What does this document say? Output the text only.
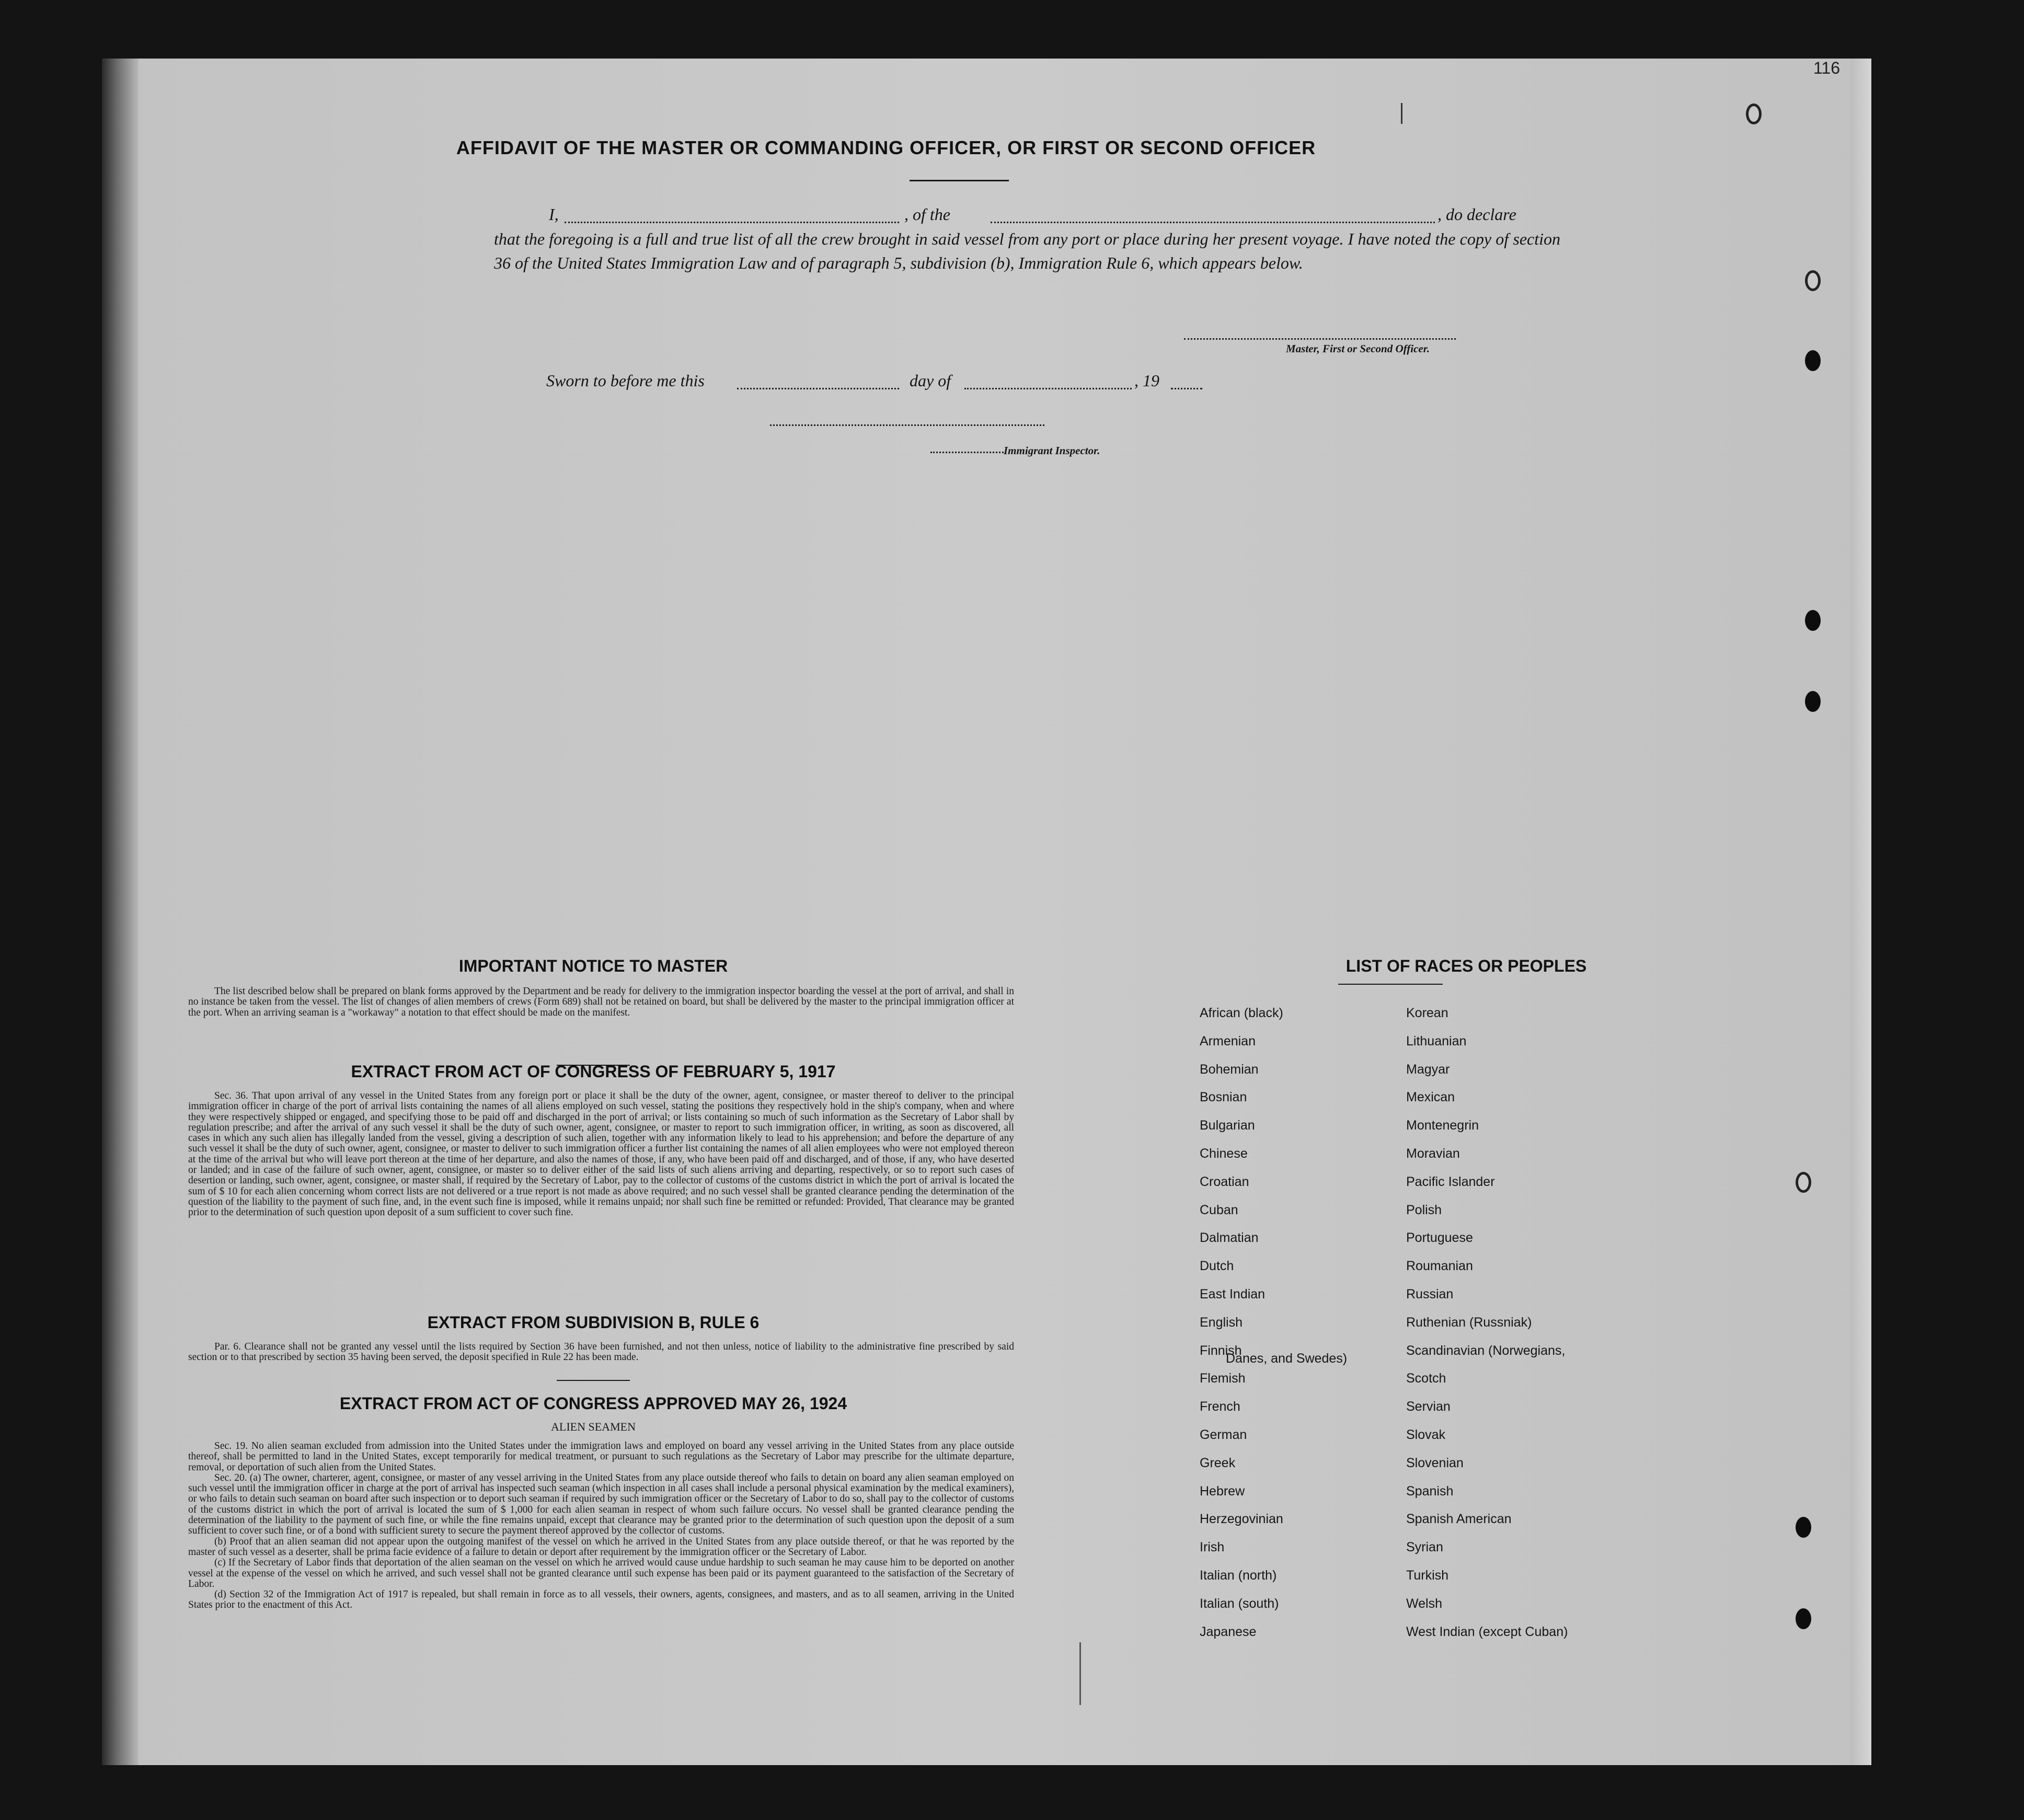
116
AFFIDAVIT OF THE MASTER OR COMMANDING OFFICER, OR FIRST OR SECOND OFFICER
I,	, of the	, do declare
that the foregoing is a full and true list of all the crew brought in said vessel from any port or place during her present voyage. I have noted the copy of section 36 of the United States Immigration Law and of paragraph 5, subdivision (b), Immigration Rule 6, which appears below.
Master, First or Second Officer.
Sworn to before me this	day of	, 19
Immigrant Inspector.
IMPORTANT NOTICE TO MASTER

The list described below shall be prepared on blank forms approved by the Department and be ready for delivery to the immigration inspector boarding the vessel at the port of arrival, and shall in no instance be taken from the vessel. The list of changes of alien members of crews (Form 689) shall not be retained on board, but shall be delivered by the master to the principal immigration officer at the port. When an arriving seaman is a "workaway" a notation to that effect should be made on the manifest.

EXTRACT FROM ACT OF CONGRESS OF FEBRUARY 5, 1917

Sec. 36. That upon arrival of any vessel in the United States from any foreign port or place it shall be the duty of the owner, agent, consignee, or master thereof to deliver to the principal immigration officer in charge of the port of arrival lists containing the names of all aliens employed on such vessel, stating the positions they respectively hold in the ship's company, when and where they were respectively shipped or engaged, and specifying those to be paid off and discharged in the port of arrival; or lists containing so much of such information as the Secretary of Labor shall by regulation prescribe; and after the arrival of any such vessel it shall be the duty of such owner, agent, consignee, or master to report to such immigration officer, in writing, as soon as discovered, all cases in which any such alien has illegally landed from the vessel, giving a description of such alien, together with any information likely to lead to his apprehension; and before the departure of any such vessel it shall be the duty of such owner, agent, consignee, or master to deliver to such immigration officer a further list containing the names of all alien employees who were not employed thereon at the time of the arrival but who will leave port thereon at the time of her departure, and also the names of those, if any, who have been paid off and discharged, and of those, if any, who have deserted or landed; and in case of the failure of such owner, agent, consignee, or master so to deliver either of the said lists of such aliens arriving and departing, respectively, or so to report such cases of desertion or landing, such owner, agent, consignee, or master shall, if required by the Secretary of Labor, pay to the collector of customs of the customs district in which the port of arrival is located the sum of $ 10 for each alien concerning whom correct lists are not delivered or a true report is not made as above required; and no such vessel shall be granted clearance pending the determination of the question of the liability to the payment of such fine, and, in the event such fine is imposed, while it remains unpaid; nor shall such fine be remitted or refunded: Provided, That clearance may be granted prior to the determination of such question upon deposit of a sum sufficient to cover such fine.

EXTRACT FROM SUBDIVISION B, RULE 6

Par. 6. Clearance shall not be granted any vessel until the lists required by Section 36 have been furnished, and not then unless, notice of liability to the administrative fine prescribed by said section or to that prescribed by section 35 having been served, the deposit specified in Rule 22 has been made.

EXTRACT FROM ACT OF CONGRESS APPROVED MAY 26, 1924
ALIEN SEAMEN

Sec. 19. No alien seaman excluded from admission into the United States under the immigration laws and employed on board any vessel arriving in the United States from any place outside thereof, shall be permitted to land in the United States, except temporarily for medical treatment, or pursuant to such regulations as the Secretary of Labor may prescribe for the ultimate departure, removal, or deportation of such alien from the United States.

Sec. 20. (a) The owner, charterer, agent, consignee, or master of any vessel arriving in the United States from any place outside thereof who fails to detain on board any alien seaman employed on such vessel until the immigration officer in charge at the port of arrival has inspected such seaman (which inspection in all cases shall include a personal physical examination by the medical examiners), or who fails to detain such seaman on board after such inspection or to deport such seaman if required by such immigration officer or the Secretary of Labor to do so, shall pay to the collector of customs of the customs district in which the port of arrival is located the sum of $ 1,000 for each alien seaman in respect of whom such failure occurs. No vessel shall be granted clearance pending the determination of the liability to the payment of such fine, or while the fine remains unpaid, except that clearance may be granted prior to the determination of such question upon the deposit of a sum sufficient to cover such fine, or of a bond with sufficient surety to secure the payment thereof approved by the collector of customs.

(b) Proof that an alien seaman did not appear upon the outgoing manifest of the vessel on which he arrived in the United States from any place outside thereof, or that he was reported by the master of such vessel as a deserter, shall be prima facie evidence of a failure to detain or deport after requirement by the immigration officer or the Secretary of Labor.

(c) If the Secretary of Labor finds that deportation of the alien seaman on the vessel on which he arrived would cause undue hardship to such seaman he may cause him to be deported on another vessel at the expense of the vessel on which he arrived, and such vessel shall not be granted clearance until such expense has been paid or its payment guaranteed to the satisfaction of the Secretary of Labor.

(d) Section 32 of the Immigration Act of 1917 is repealed, but shall remain in force as to all vessels, their owners, agents, consignees, and masters, and as to all seamen, arriving in the United States prior to the enactment of this Act.

LIST OF RACES OR PEOPLES
Danes, and Swedes)
African (black)
Armenian
Bohemian
Bosnian
Bulgarian
Chinese
Croatian
Cuban
Dalmatian
Dutch
East Indian
English
Finnish
Flemish
French
German
Greek
Hebrew
Herzegovinian
Irish
Italian (north)
Italian (south)
Japanese
Korean
Lithuanian
Magyar
Mexican
Montenegrin
Moravian
Pacific Islander
Polish
Portuguese
Roumanian
Russian
Ruthenian (Russniak)
Scandinavian (Norwegians,
Scotch
Servian
Slovak
Slovenian
Spanish
Spanish American
Syrian
Turkish
Welsh
West Indian (except Cuban)
